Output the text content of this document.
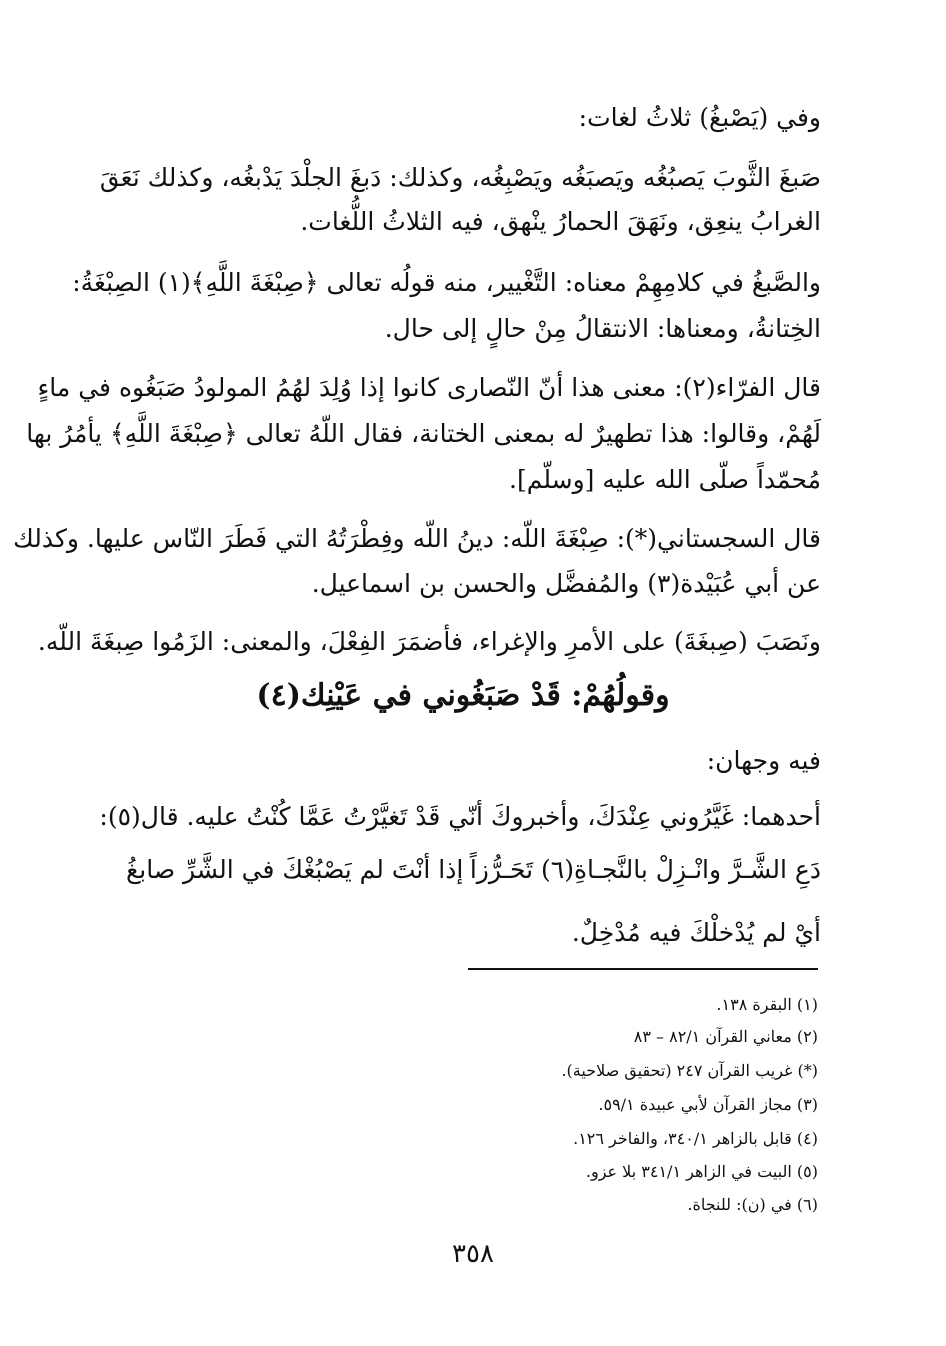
وفي (يَصْبغُ) ثلاثُ لغات:
صَبغَ الثَّوبَ يَصبُغُه ويَصبَغُه ويَصْبِغُه، وكذلك: دَبغَ الجلْدَ يَدْبغُه، وكذلك نَعَقَ
الغرابُ ينعِق، ونَهَقَ الحمارُ ينْهق، فيه الثلاثُ اللُّغات.
والصَّبغُ في كلامِهِمْ معناه: التَّغْيير، منه قولُه تعالى ﴿صِبْغَةَ اللَّهِ﴾(١) الصِبْغَةُ:
الخِتانةُ، ومعناها: الانتقالُ مِنْ حالٍ إلى حال.
قال الفرّاء(٢): معنى هذا أنّ النّصارى كانوا إذا وُلِدَ لهُمُ المولودُ صَبَغُوه في ماءٍ
لَهُمْ، وقالوا: هذا تطهيرٌ له بمعنى الختانة، فقال اللّهُ تعالى ﴿صِبْغَةَ اللَّهِ﴾ يأمُرُ بها
مُحمّداً صلّى الله عليه [وسلّم].
قال السجستاني(*): صِبْغَةَ اللّه: دينُ اللّه وفِطْرَتُهُ التي فَطَرَ النّاس عليها. وكذلك
عن أبي عُبَيْدة(٣) والمُفضَّل والحسن بن اسماعيل.
ونَصَبَ (صِبغَةَ) على الأمرِ والإغراء، فأضمَرَ الفِعْلَ، والمعنى: الزَمُوا صِبغَةَ اللّه.
وقولُهُمْ: قَدْ صَبَغُوني في عَيْنِك(٤)
فيه وجهان:
أحدهما: غَيَّرُوني عِنْدَكَ، وأخبروكَ أنّي قَدْ تَغيَّرْتُ عَمَّا كُنْتُ عليه. قال(٥):
دَعِ الشَّـرَّ وانْـزِلْ بالنَّجـاةِ(٦) تَحَـرُّزاً
إذا أنْتَ لم يَصْبُغْكَ في الشَّرِّ صابغُ
أيْ لم يُدْخلْكَ فيه مُدْخِلٌ.
(١) البقرة ١٣٨.
(٢) معاني القرآن ٨٢/١ – ٨٣
(*) غريب القرآن ٢٤٧ (تحقيق صلاحية).
(٣) مجاز القرآن لأبي عبيدة ٥٩/١.
(٤) قابل بالزاهر ٣٤٠/١، والفاخر ١٢٦.
(٥) البيت في الزاهر ٣٤١/١ بلا عزو.
(٦) في (ن): للنجاة.
٣٥٨
